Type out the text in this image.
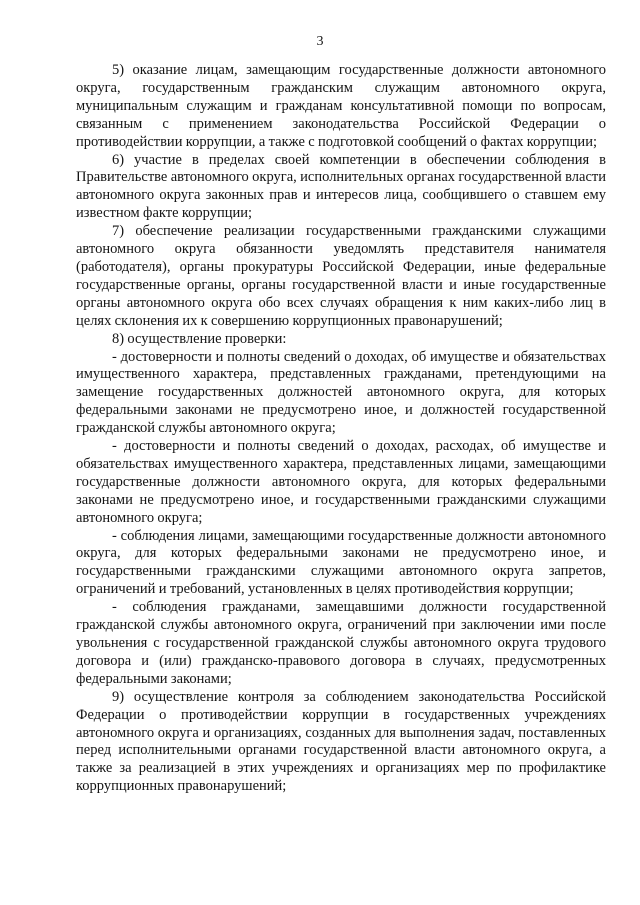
3

5) оказание лицам, замещающим государственные должности автономного округа, государственным гражданским служащим автономного округа, муниципальным служащим и гражданам консультативной помощи по вопросам, связанным с применением законодательства Российской Федерации о противодействии коррупции, а также с подготовкой сообщений о фактах коррупции;

6) участие в пределах своей компетенции в обеспечении соблюдения в Правительстве автономного округа, исполнительных органах государственной власти автономного округа законных прав и интересов лица, сообщившего о ставшем ему известном факте коррупции;

7) обеспечение реализации государственными гражданскими служащими автономного округа обязанности уведомлять представителя нанимателя (работодателя), органы прокуратуры Российской Федерации, иные федеральные государственные органы, органы государственной власти и иные государственные органы автономного округа обо всех случаях обращения к ним каких-либо лиц в целях склонения их к совершению коррупционных правонарушений;

8) осуществление проверки:

- достоверности и полноты сведений о доходах, об имуществе и обязательствах имущественного характера, представленных гражданами, претендующими на замещение государственных должностей автономного округа, для которых федеральными законами не предусмотрено иное, и должностей государственной гражданской службы автономного округа;

- достоверности и полноты сведений о доходах, расходах, об имуществе и обязательствах имущественного характера, представленных лицами, замещающими государственные должности автономного округа, для которых федеральными законами не предусмотрено иное, и государственными гражданскими служащими автономного округа;

- соблюдения лицами, замещающими государственные должности автономного округа, для которых федеральными законами не предусмотрено иное, и государственными гражданскими служащими автономного округа запретов, ограничений и требований, установленных в целях противодействия коррупции;

- соблюдения гражданами, замещавшими должности государственной гражданской службы автономного округа, ограничений при заключении ими после увольнения с государственной гражданской службы автономного округа трудового договора и (или) гражданско-правового договора в случаях, предусмотренных федеральными законами;

9) осуществление контроля за соблюдением законодательства Российской Федерации о противодействии коррупции в государственных учреждениях автономного округа и организациях, созданных для выполнения задач, поставленных перед исполнительными органами государственной власти автономного округа, а также за реализацией в этих учреждениях и организациях мер по профилактике коррупционных правонарушений;
